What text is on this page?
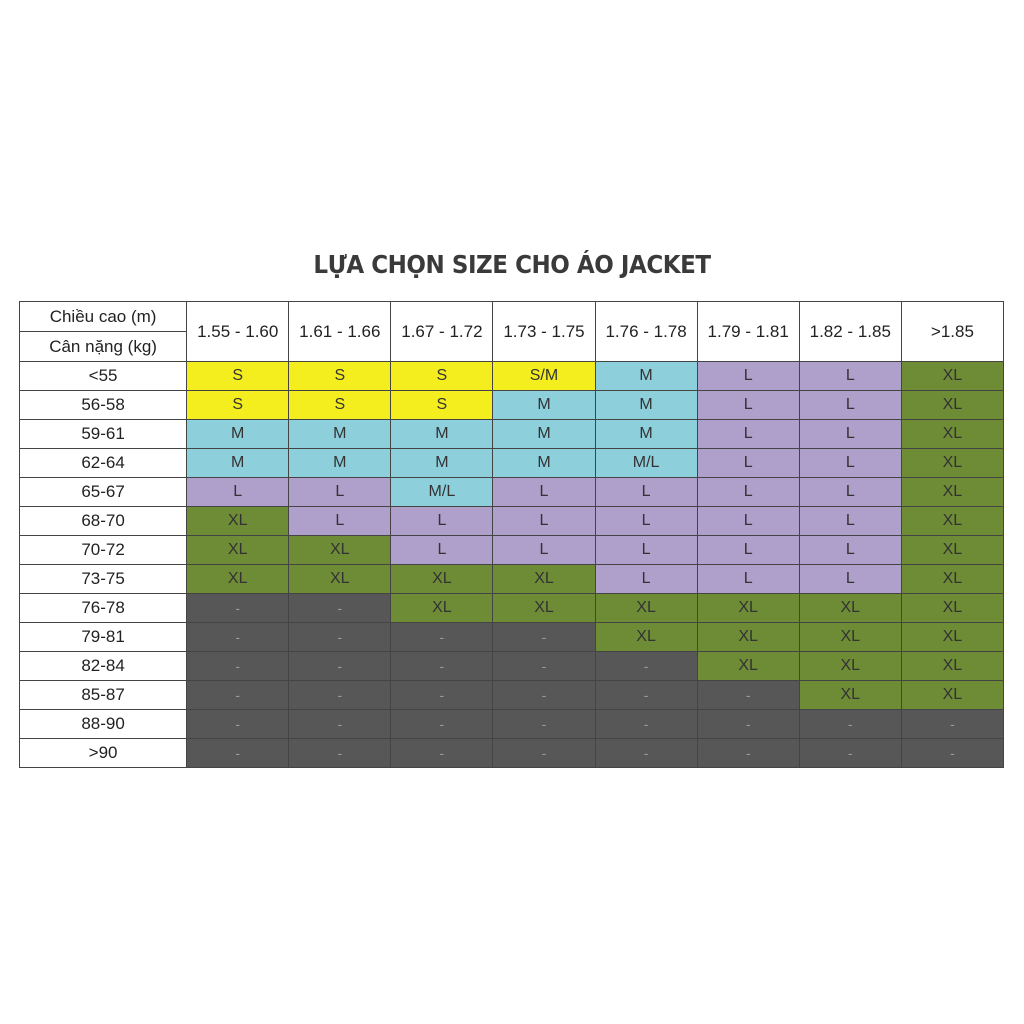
LỰA CHỌN SIZE CHO ÁO JACKET
Chiều cao (m)	1.55 - 1.60	1.61 - 1.66	1.67 - 1.72	1.73 - 1.75	1.76 - 1.78	1.79 - 1.81	1.82 - 1.85	>1.85
Cân nặng (kg)								
<55	S	S	S	S/M	M	L	L	XL
56-58	S	S	S	M	M	L	L	XL
59-61	M	M	M	M	M	L	L	XL
62-64	M	M	M	M	M/L	L	L	XL
65-67	L	L	M/L	L	L	L	L	XL
68-70	XL	L	L	L	L	L	L	XL
70-72	XL	XL	L	L	L	L	L	XL
73-75	XL	XL	XL	XL	L	L	L	XL
76-78	-	-	XL	XL	XL	XL	XL	XL
79-81	-	-	-	-	XL	XL	XL	XL
82-84	-	-	-	-	-	XL	XL	XL
85-87	-	-	-	-	-	-	XL	XL
88-90	-	-	-	-	-	-	-	-
>90	-	-	-	-	-	-	-	-
